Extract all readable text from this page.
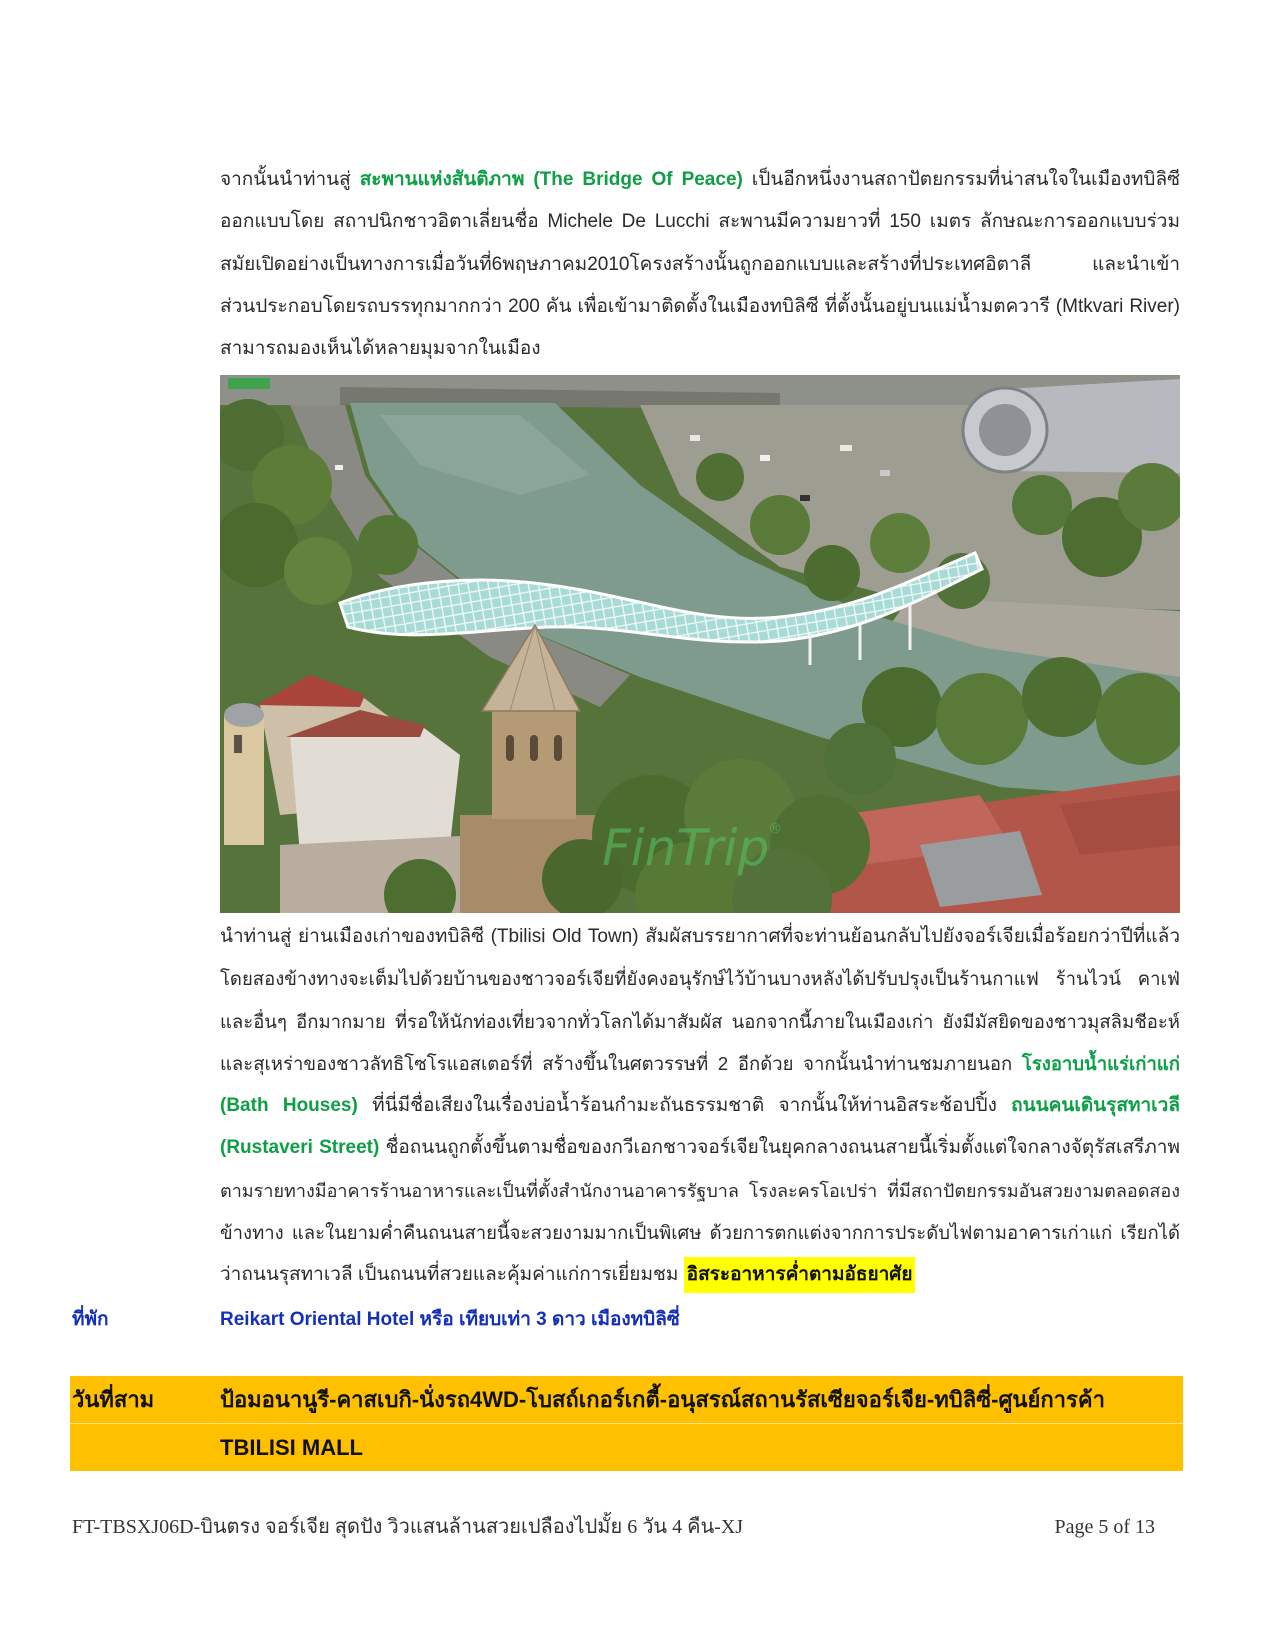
จากนั้นนำท่านสู่ สะพานแห่งสันติภาพ (The Bridge Of Peace) เป็นอีกหนึ่งงานสถาปัตยกรรมที่น่าสนใจในเมืองทบิลิซี
ออกแบบโดย สถาปนิกชาวอิตาเลี่ยนชื่อ Michele De Lucchi สะพานมีความยาวที่ 150 เมตร ลักษณะการออกแบบร่วม
สมัยเปิดอย่างเป็นทางการเมื่อวันที่6พฤษภาคม2010โครงสร้างนั้นถูกออกแบบและสร้างที่ประเทศอิตาลี และนำเข้า
ส่วนประกอบโดยรถบรรทุกมากกว่า 200 คัน เพื่อเข้ามาติดตั้งในเมืองทบิลิซี ที่ตั้งนั้นอยู่บนแม่น้ำมตควารี (Mtkvari River)
สามารถมองเห็นได้หลายมุมจากในเมือง
FinTrip
®
นำท่านสู่ ย่านเมืองเก่าของทบิลิซี (Tbilisi Old Town) สัมผัสบรรยากาศที่จะท่านย้อนกลับไปยังจอร์เจียเมื่อร้อยกว่าปีที่แล้ว
โดยสองข้างทางจะเต็มไปด้วยบ้านของชาวจอร์เจียที่ยังคงอนุรักษ์ไว้บ้านบางหลังได้ปรับปรุงเป็นร้านกาแฟ ร้านไวน์ คาเฟ่
และอื่นๆ อีกมากมาย ที่รอให้นักท่องเที่ยวจากทั่วโลกได้มาสัมผัส นอกจากนี้ภายในเมืองเก่า ยังมีมัสยิดของชาวมุสลิมชีอะห์
และสุเหร่าของชาวลัทธิโซโรแอสเตอร์ที่ สร้างขึ้นในศตวรรษที่ 2 อีกด้วย จากนั้นนำท่านชมภายนอก โรงอาบน้ำแร่เก่าแก่
(Bath Houses) ที่นี่มีชื่อเสียงในเรื่องบ่อน้ำร้อนกำมะถันธรรมชาติ จากนั้นให้ท่านอิสระช้อปปิ้ง ถนนคนเดินรุสทาเวลี
(Rustaveri Street) ชื่อถนนถูกตั้งขึ้นตามชื่อของกวีเอกชาวจอร์เจียในยุคกลางถนนสายนี้เริ่มตั้งแต่ใจกลางจัตุรัสเสรีภาพ
ตามรายทางมีอาคารร้านอาหารและเป็นที่ตั้งสำนักงานอาคารรัฐบาล โรงละครโอเปร่า ที่มีสถาปัตยกรรมอันสวยงามตลอดสอง
ข้างทาง และในยามค่ำคืนถนนสายนี้จะสวยงามมากเป็นพิเศษ ด้วยการตกแต่งจากการประดับไฟตามอาคารเก่าแก่ เรียกได้
ว่าถนนรุสทาเวลี เป็นถนนที่สวยและคุ้มค่าแก่การเยี่ยมชม อิสระอาหารค่ำตามอัธยาศัย
ที่พัก	Reikart Oriental Hotel หรือ เทียบเท่า 3 ดาว เมืองทบิลิซี่
วันที่สาม	ป้อมอนานูรี-คาสเบกิ-นั่งรถ4WD-โบสถ์เกอร์เกตี้-อนุสรณ์สถานรัสเซียจอร์เจีย-ทบิลิซี่-ศูนย์การค้า
TBILISI MALL
FT-TBSXJ06D-บินตรง จอร์เจีย สุดปัง วิวแสนล้านสวยเปลืองไปมั้ย 6 วัน 4 คืน-XJ	Page 5 of 13
